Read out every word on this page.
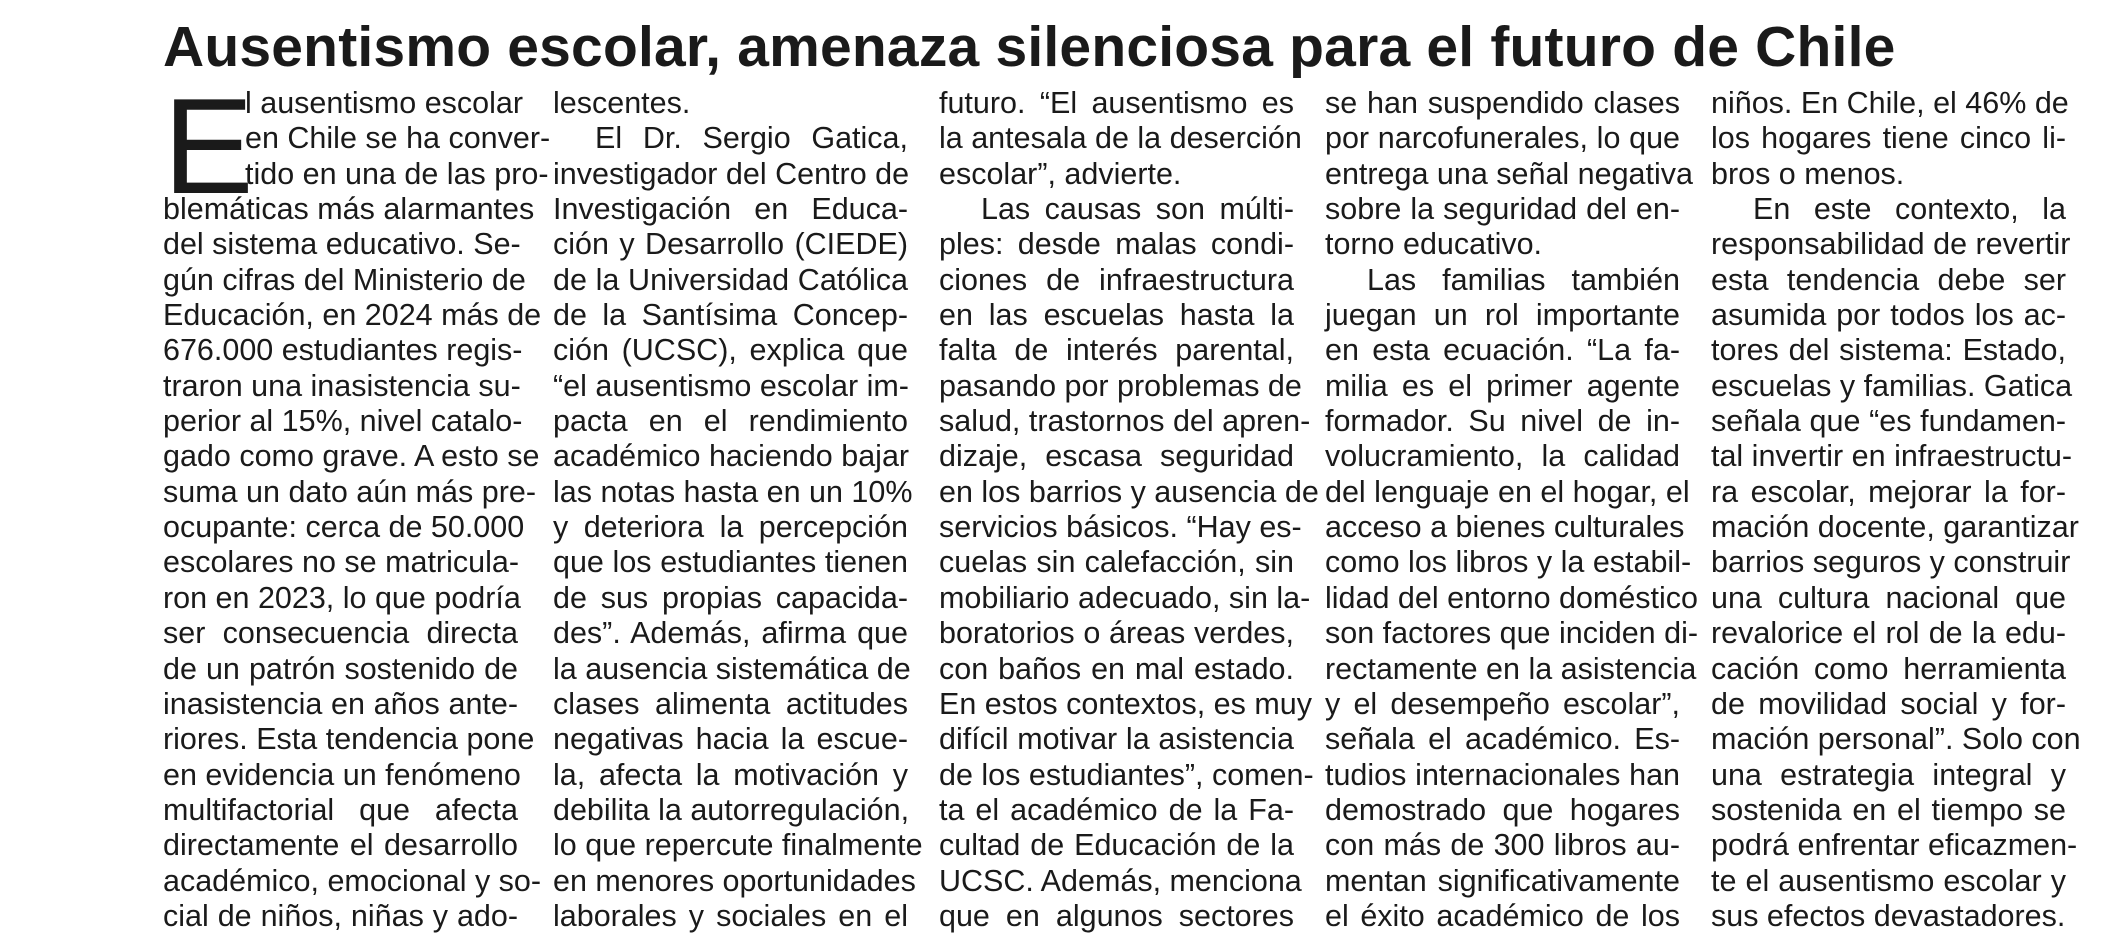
Ausentismo escolar, amenaza silenciosa para el futuro de Chile
E
l ausentismo escolar
en Chile se ha conver-
tido en una de las pro-
blemáticas más alarmantes
del sistema educativo. Se-
gún cifras del Ministerio de
Educación, en 2024 más de
676.000 estudiantes regis-
traron una inasistencia su-
perior al 15%, nivel catalo-
gado como grave. A esto se
suma un dato aún más pre-
ocupante: cerca de 50.000
escolares no se matricula-
ron en 2023, lo que podría
ser consecuencia directa
de un patrón sostenido de
inasistencia en años ante-
riores. Esta tendencia pone
en evidencia un fenómeno
multifactorial que afecta
directamente el desarrollo
académico, emocional y so-
cial de niños, niñas y ado-
lescentes.
El Dr. Sergio Gatica,
investigador del Centro de
Investigación en Educa-
ción y Desarrollo (CIEDE)
de la Universidad Católica
de la Santísima Concep-
ción (UCSC), explica que
“el ausentismo escolar im-
pacta en el rendimiento
académico haciendo bajar
las notas hasta en un 10%
y deteriora la percepción
que los estudiantes tienen
de sus propias capacida-
des”. Además, afirma que
la ausencia sistemática de
clases alimenta actitudes
negativas hacia la escue-
la, afecta la motivación y
debilita la autorregulación,
lo que repercute finalmente
en menores oportunidades
laborales y sociales en el
futuro. “El ausentismo es
la antesala de la deserción
escolar”, advierte.
Las causas son múlti-
ples: desde malas condi-
ciones de infraestructura
en las escuelas hasta la
falta de interés parental,
pasando por problemas de
salud, trastornos del apren-
dizaje, escasa seguridad
en los barrios y ausencia de
servicios básicos. “Hay es-
cuelas sin calefacción, sin
mobiliario adecuado, sin la-
boratorios o áreas verdes,
con baños en mal estado.
En estos contextos, es muy
difícil motivar la asistencia
de los estudiantes”, comen-
ta el académico de la Fa-
cultad de Educación de la
UCSC. Además, menciona
que en algunos sectores
se han suspendido clases
por narcofunerales, lo que
entrega una señal negativa
sobre la seguridad del en-
torno educativo.
Las familias también
juegan un rol importante
en esta ecuación. “La fa-
milia es el primer agente
formador. Su nivel de in-
volucramiento, la calidad
del lenguaje en el hogar, el
acceso a bienes culturales
como los libros y la estabil-
lidad del entorno doméstico
son factores que inciden di-
rectamente en la asistencia
y el desempeño escolar”,
señala el académico. Es-
tudios internacionales han
demostrado que hogares
con más de 300 libros au-
mentan significativamente
el éxito académico de los
niños. En Chile, el 46% de
los hogares tiene cinco li-
bros o menos.
En este contexto, la
responsabilidad de revertir
esta tendencia debe ser
asumida por todos los ac-
tores del sistema: Estado,
escuelas y familias. Gatica
señala que “es fundamen-
tal invertir en infraestructu-
ra escolar, mejorar la for-
mación docente, garantizar
barrios seguros y construir
una cultura nacional que
revalorice el rol de la edu-
cación como herramienta
de movilidad social y for-
mación personal”. Solo con
una estrategia integral y
sostenida en el tiempo se
podrá enfrentar eficazmen-
te el ausentismo escolar y
sus efectos devastadores.
